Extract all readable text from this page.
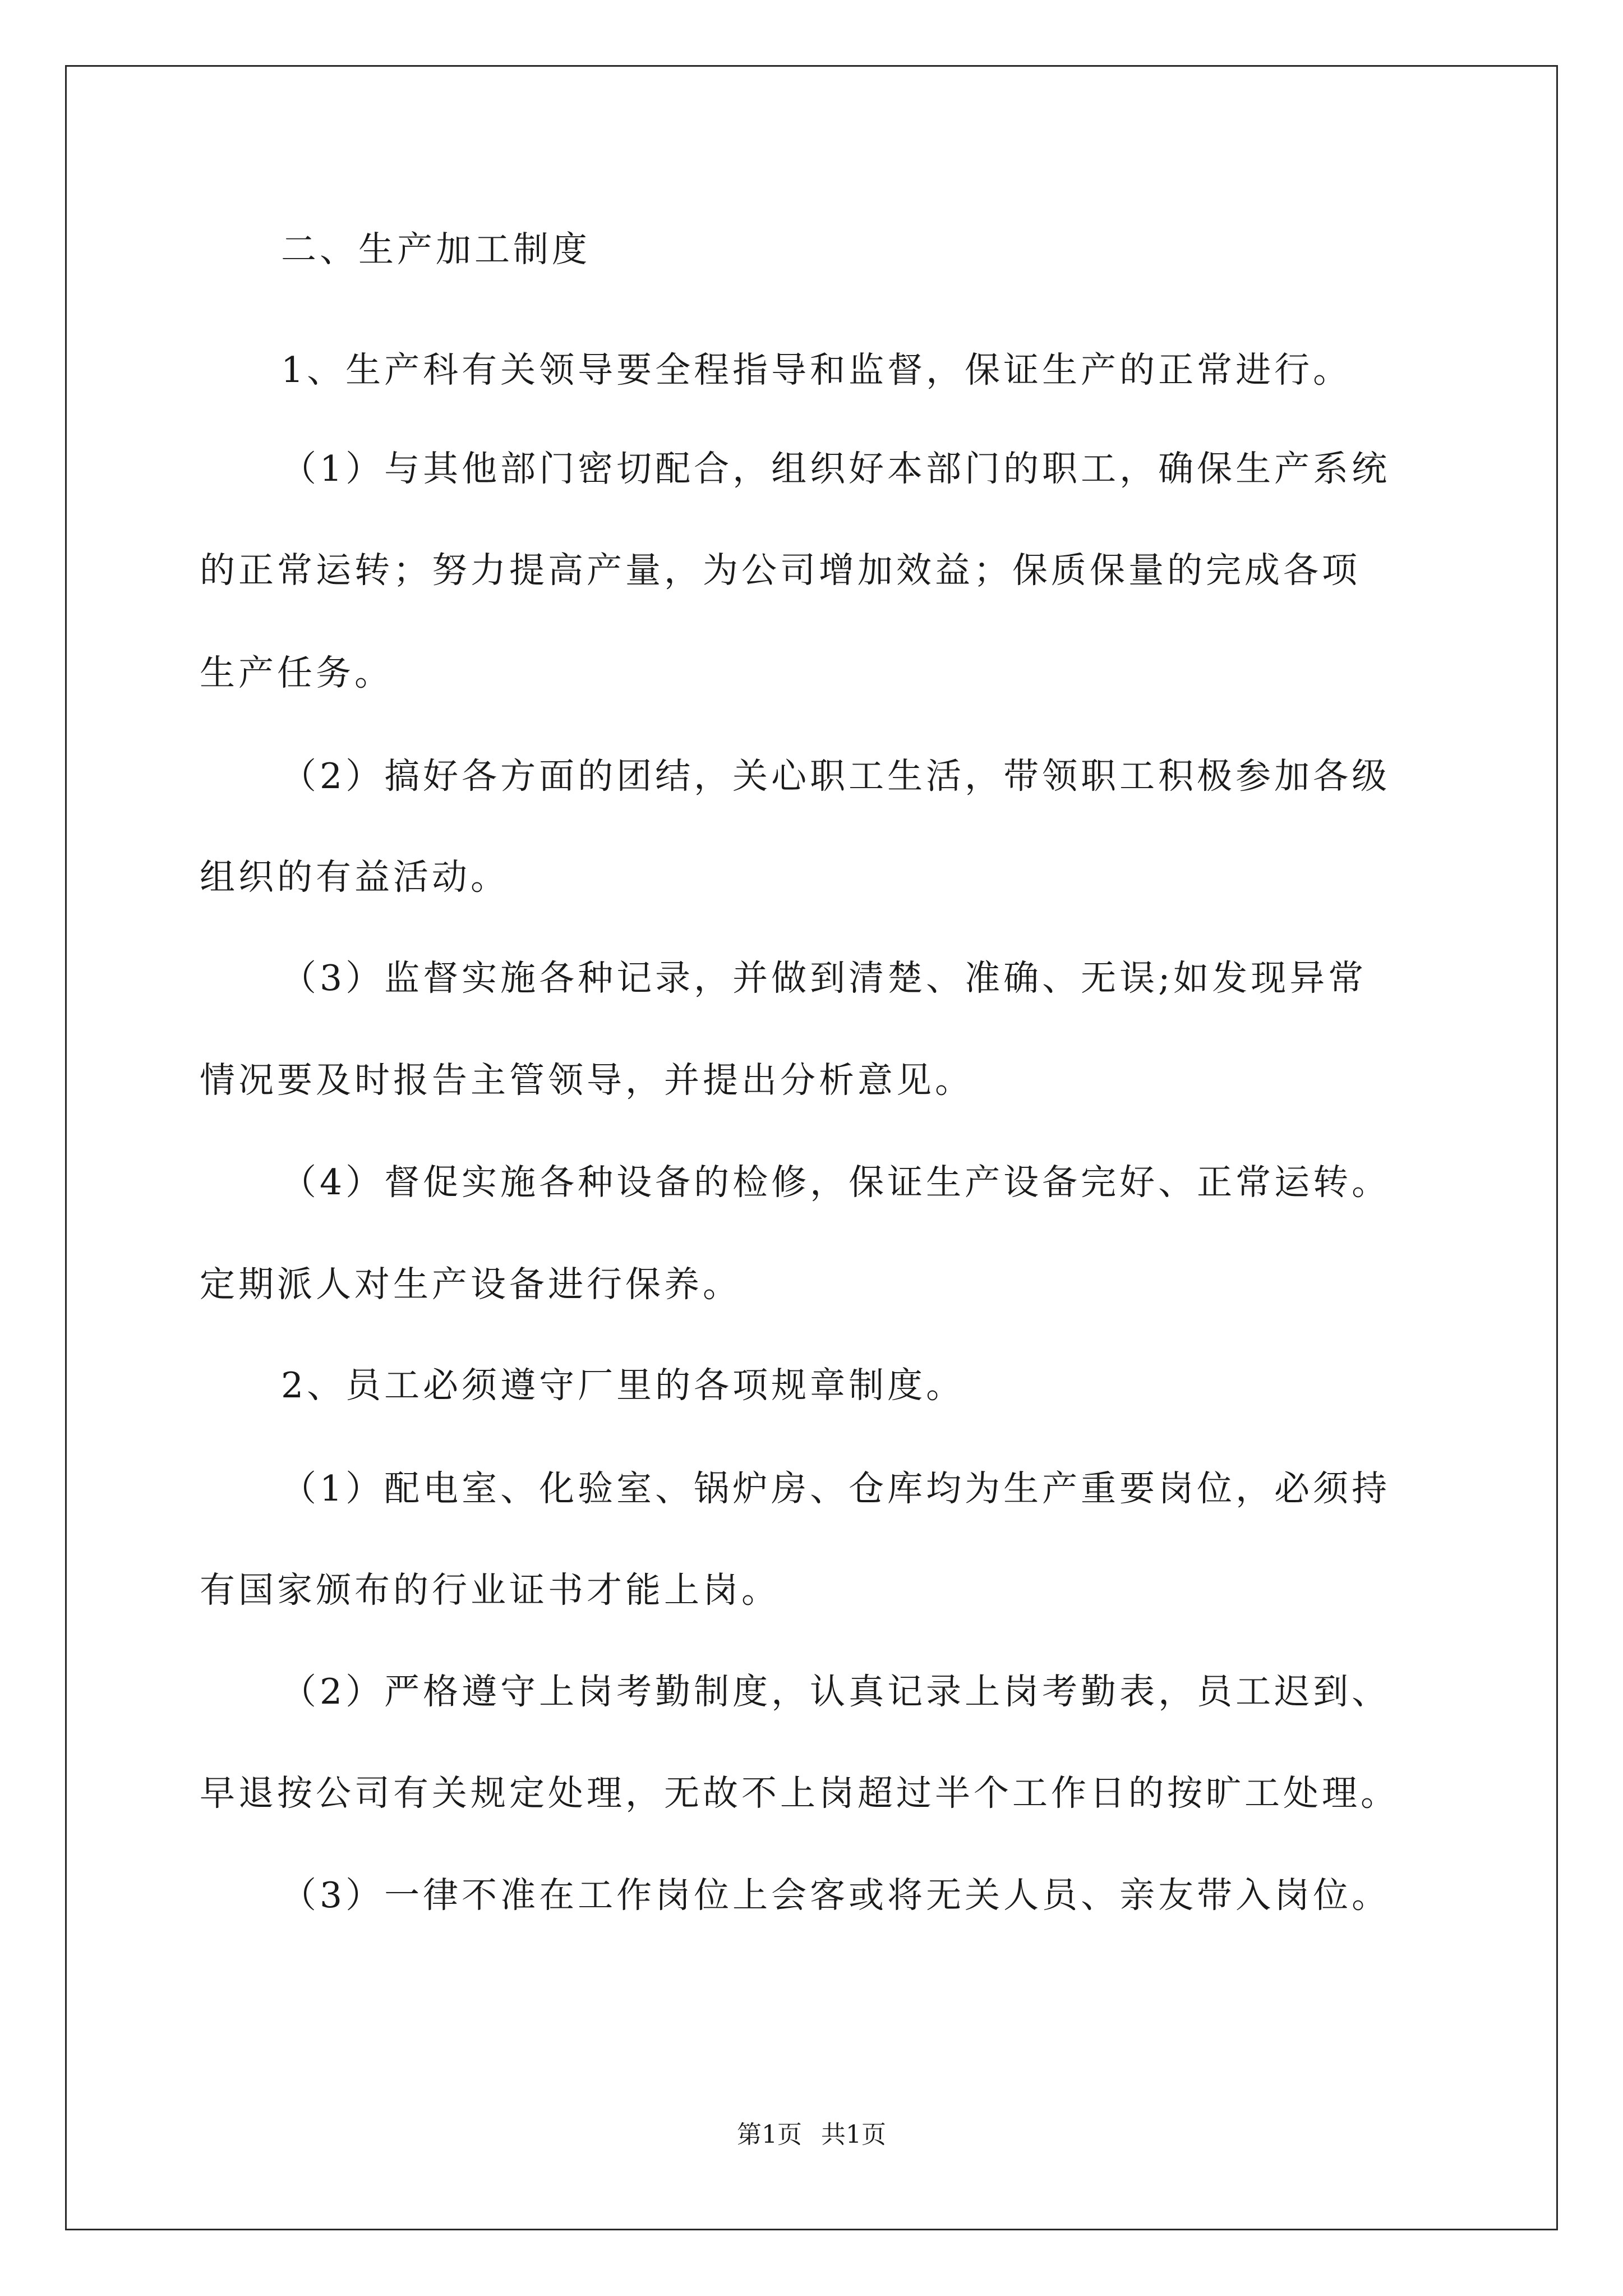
二、生产加工制度
1、生产科有关领导要全程指导和监督，保证生产的正常进行。
（1）与其他部门密切配合，组织好本部门的职工，确保生产系统
的正常运转；努力提高产量，为公司增加效益；保质保量的完成各项
生产任务。
（2）搞好各方面的团结，关心职工生活，带领职工积极参加各级
组织的有益活动。
（3）监督实施各种记录，并做到清楚、准确、无误;如发现异常
情况要及时报告主管领导，并提出分析意见。
（4）督促实施各种设备的检修，保证生产设备完好、正常运转。
定期派人对生产设备进行保养。
2、员工必须遵守厂里的各项规章制度。
（1）配电室、化验室、锅炉房、仓库均为生产重要岗位，必须持
有国家颁布的行业证书才能上岗。
（2）严格遵守上岗考勤制度，认真记录上岗考勤表，员工迟到、
早退按公司有关规定处理，无故不上岗超过半个工作日的按旷工处理。
（3）一律不准在工作岗位上会客或将无关人员、亲友带入岗位。
第1页 共1页
